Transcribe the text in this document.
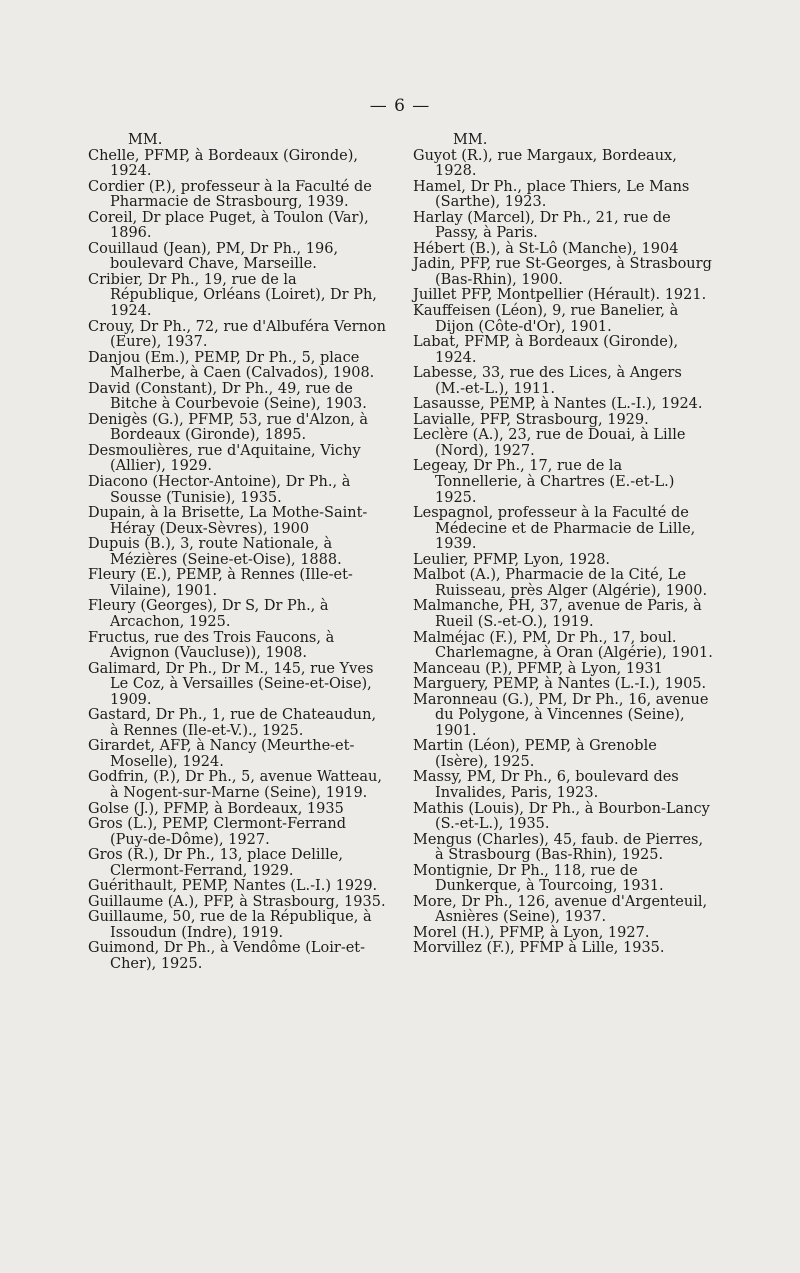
— 6 —
MM.
Chelle, PFMP, à Bordeaux (Gironde), 1924.
Cordier (P.), professeur à la Faculté de Pharmacie de Strasbourg, 1939.
Coreil, Dr place Puget, à Toulon (Var), 1896.
Couillaud (Jean), PM, Dr Ph., 196, boulevard Chave, Marseille.
Cribier, Dr Ph., 19, rue de la République, Orléans (Loiret), Dr Ph, 1924.
Crouy, Dr Ph., 72, rue d'Albuféra Vernon (Eure), 1937.
Danjou (Em.), PEMP, Dr Ph., 5, place Malherbe, à Caen (Calvados), 1908.
David (Constant), Dr Ph., 49, rue de Bitche à Courbevoie (Seine), 1903.
Denigès (G.), PFMP, 53, rue d'Alzon, à Bordeaux (Gironde), 1895.
Desmoulières, rue d'Aquitaine, Vichy (Allier), 1929.
Diacono (Hector-Antoine), Dr Ph., à Sousse (Tunisie), 1935.
Dupain, à la Brisette, La Mothe-Saint-Héray (Deux-Sèvres), 1900
Dupuis (B.), 3, route Nationale, à Mézières (Seine-et-Oise), 1888.
Fleury (E.), PEMP, à Rennes (Ille-et-Vilaine), 1901.
Fleury (Georges), Dr S, Dr Ph., à Arcachon, 1925.
Fructus, rue des Trois Faucons, à Avignon (Vaucluse)), 1908.
Galimard, Dr Ph., Dr M., 145, rue Yves Le Coz, à Versailles (Seine-et-Oise), 1909.
Gastard, Dr Ph., 1, rue de Chateaudun, à Rennes (Ile-et-V.)., 1925.
Girardet, AFP, à Nancy (Meurthe-et-Moselle), 1924.
Godfrin, (P.), Dr Ph., 5, avenue Watteau, à Nogent-sur-Marne (Seine), 1919.
Golse (J.), PFMP, à Bordeaux, 1935
Gros (L.), PEMP, Clermont-Ferrand (Puy-de-Dôme), 1927.
Gros (R.), Dr Ph., 13, place Delille, Clermont-Ferrand, 1929.
Guérithault, PEMP, Nantes (L.-I.) 1929.
Guillaume (A.), PFP, à Strasbourg, 1935.
Guillaume, 50, rue de la République, à Issoudun (Indre), 1919.
Guimond, Dr Ph., à Vendôme (Loir-et-Cher), 1925.
MM.
Guyot (R.), rue Margaux, Bordeaux, 1928.
Hamel, Dr Ph., place Thiers, Le Mans (Sarthe), 1923.
Harlay (Marcel), Dr Ph., 21, rue de Passy, à Paris.
Hébert (B.), à St-Lô (Manche), 1904
Jadin, PFP, rue St-Georges, à Strasbourg (Bas-Rhin), 1900.
Juillet PFP, Montpellier (Hérault). 1921.
Kauffeisen (Léon), 9, rue Banelier, à Dijon (Côte-d'Or), 1901.
Labat, PFMP, à Bordeaux (Gironde), 1924.
Labesse, 33, rue des Lices, à Angers (M.-et-L.), 1911.
Lasausse, PEMP, à Nantes (L.-I.), 1924.
Lavialle, PFP, Strasbourg, 1929.
Leclère (A.), 23, rue de Douai, à Lille (Nord), 1927.
Legeay, Dr Ph., 17, rue de la Tonnellerie, à Chartres (E.-et-L.) 1925.
Lespagnol, professeur à la Faculté de Médecine et de Pharmacie de Lille, 1939.
Leulier, PFMP, Lyon, 1928.
Malbot (A.), Pharmacie de la Cité, Le Ruisseau, près Alger (Algérie), 1900.
Malmanche, PH, 37, avenue de Paris, à Rueil (S.-et-O.), 1919.
Malméjac (F.), PM, Dr Ph., 17, boul. Charlemagne, à Oran (Algérie), 1901.
Manceau (P.), PFMP, à Lyon, 1931
Marguery, PEMP, à Nantes (L.-I.), 1905.
Maronneau (G.), PM, Dr Ph., 16, avenue du Polygone, à Vincennes (Seine), 1901.
Martin (Léon), PEMP, à Grenoble (Isère), 1925.
Massy, PM, Dr Ph., 6, boulevard des Invalides, Paris, 1923.
Mathis (Louis), Dr Ph., à Bourbon-Lancy (S.-et-L.), 1935.
Mengus (Charles), 45, faub. de Pierres, à Strasbourg (Bas-Rhin), 1925.
Montignie, Dr Ph., 118, rue de Dunkerque, à Tourcoing, 1931.
More, Dr Ph., 126, avenue d'Argenteuil, Asnières (Seine), 1937.
Morel (H.), PFMP, à Lyon, 1927.
Morvillez (F.), PFMP à Lille, 1935.
